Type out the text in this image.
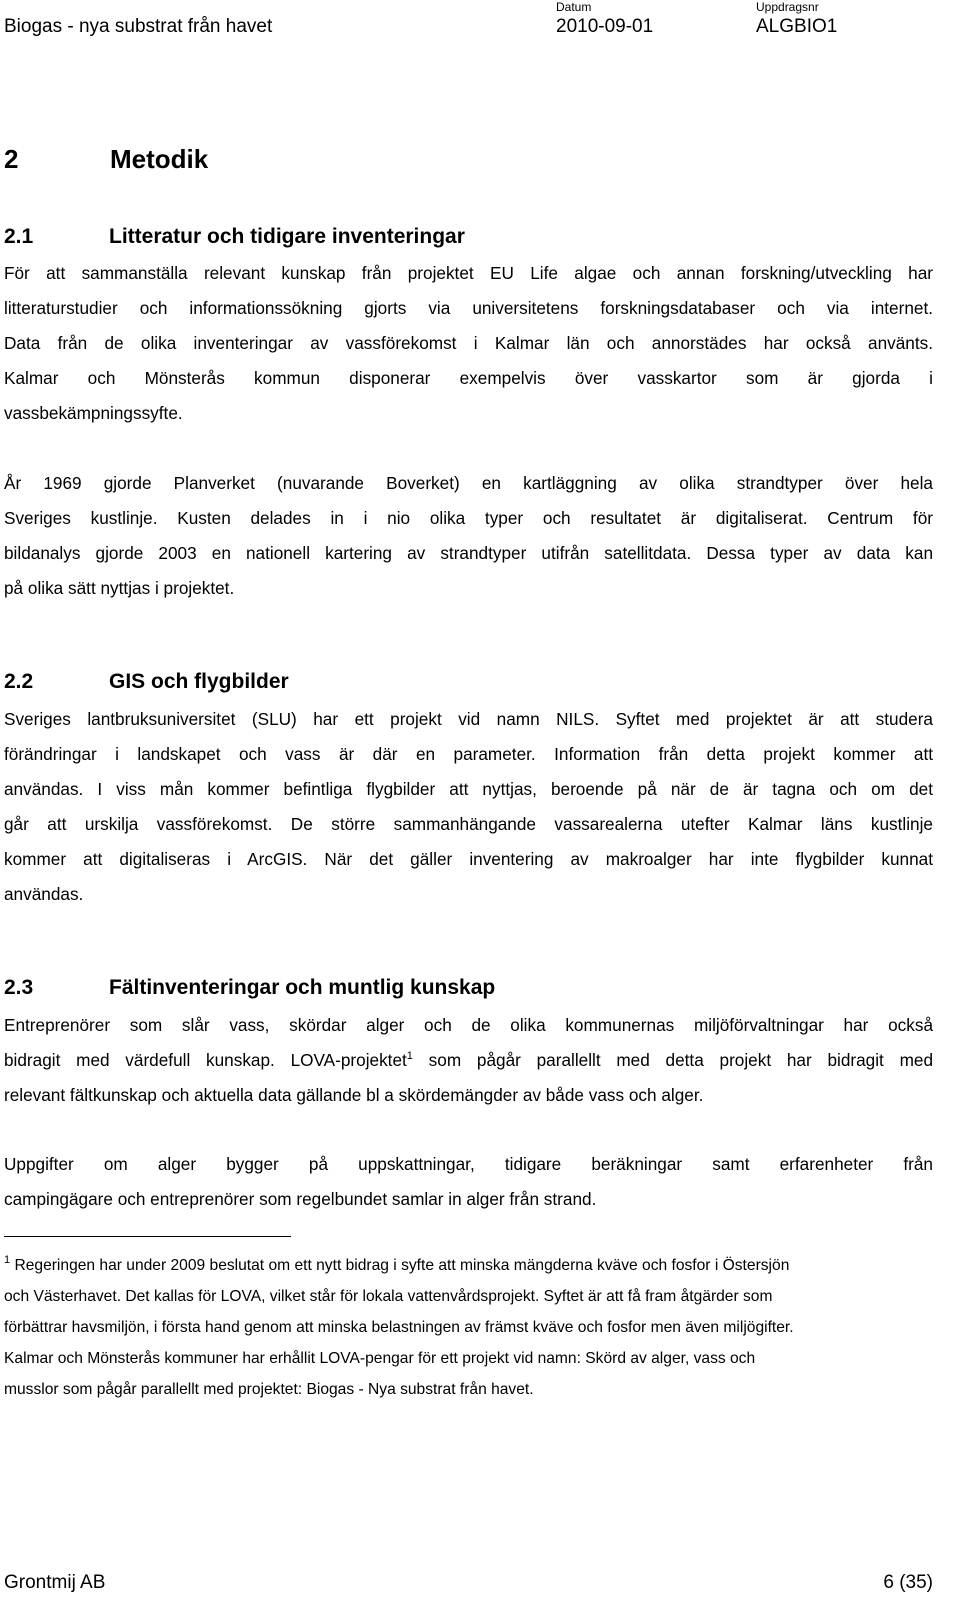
Biogas - nya substrat från havet
Datum
2010-09-01
Uppdragsnr
ALGBIO1
2	Metodik
2.1	Litteratur och tidigare inventeringar
För att sammanställa relevant kunskap från projektet EU Life algae och annan forskning/utveckling har
litteraturstudier och informationssökning gjorts via universitetens forskningsdatabaser och via internet.
Data från de olika inventeringar av vassförekomst i Kalmar län och annorstädes har också använts.
Kalmar och Mönsterås kommun disponerar exempelvis över vasskartor som är gjorda i
vassbekämpningssyfte.
År 1969 gjorde Planverket (nuvarande Boverket) en kartläggning av olika strandtyper över hela
Sveriges kustlinje. Kusten delades in i nio olika typer och resultatet är digitaliserat. Centrum för
bildanalys gjorde 2003 en nationell kartering av strandtyper utifrån satellitdata. Dessa typer av data kan
på olika sätt nyttjas i projektet.
2.2	GIS och flygbilder
Sveriges lantbruksuniversitet (SLU) har ett projekt vid namn NILS. Syftet med projektet är att studera
förändringar i landskapet och vass är där en parameter. Information från detta projekt kommer att
användas. I viss mån kommer befintliga flygbilder att nyttjas, beroende på när de är tagna och om det
går att urskilja vassförekomst. De större sammanhängande vassarealerna utefter Kalmar läns kustlinje
kommer att digitaliseras i ArcGIS. När det gäller inventering av makroalger har inte flygbilder kunnat
användas.
2.3	Fältinventeringar och muntlig kunskap
Entreprenörer som slår vass, skördar alger och de olika kommunernas miljöförvaltningar har också
bidragit med värdefull kunskap. LOVA-projektet$^1$ som pågår parallellt med detta projekt har bidragit med
relevant fältkunskap och aktuella data gällande bl a skördemängder av både vass och alger.
Uppgifter om alger bygger på uppskattningar, tidigare beräkningar samt erfarenheter från
campingägare och entreprenörer som regelbundet samlar in alger från strand.
$^1$ Regeringen har under 2009 beslutat om ett nytt bidrag i syfte att minska mängderna kväve och fosfor i Östersjön
och Västerhavet. Det kallas för LOVA, vilket står för lokala vattenvårdsprojekt. Syftet är att få fram åtgärder som
förbättrar havsmiljön, i första hand genom att minska belastningen av främst kväve och fosfor men även miljögifter.
Kalmar och Mönsterås kommuner har erhållit LOVA-pengar för ett projekt vid namn: Skörd av alger, vass och
musslor som pågår parallellt med projektet: Biogas - Nya substrat från havet.
Grontmij AB	6 (35)
